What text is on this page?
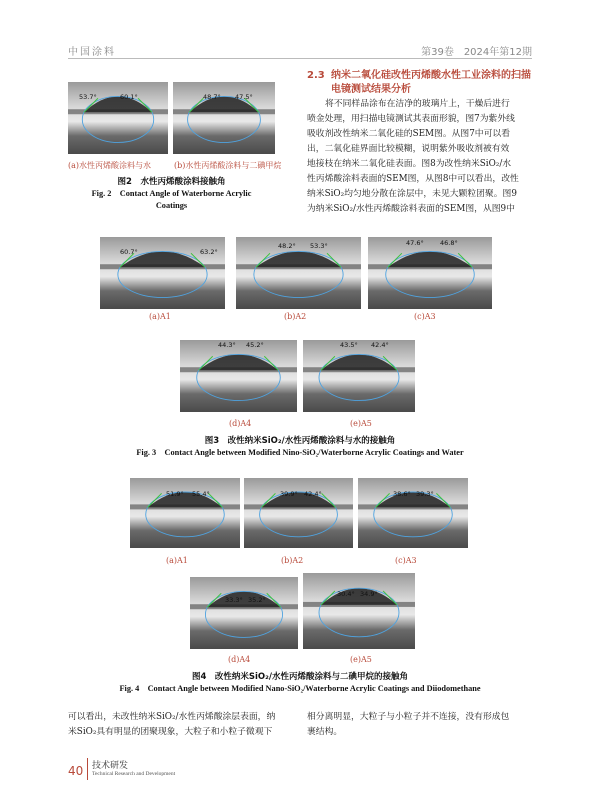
中国涂料	第39卷　2024年第12期
53.7°	60.1°	48.7° 47.5°
(a)水性丙烯酸涂料与水	(b)水性丙烯酸涂料与二碘甲烷
图2　水性丙烯酸涂料接触角
Fig. 2　Contact Angle of Waterborne Acrylic
Coatings
2.3 纳米二氧化硅改性丙烯酸水性工业涂料的扫描
电镜测试结果分析
将不同样品涂布在洁净的玻璃片上，干燥后进行
喷金处理，用扫描电镜测试其表面形貌，图7为紫外线
吸收剂改性纳米二氧化硅的SEM图。从图7中可以看
出，二氧化硅界面比较模糊，说明紫外吸收剂被有效
地接枝在纳米二氧化硅表面。图8为改性纳米SiO₂/水
性丙烯酸涂料表面的SEM图，从图8中可以看出，改性
纳米SiO₂均匀地分散在涂层中，未见大颗粒团聚。图9
为纳米SiO₂/水性丙烯酸涂料表面的SEM图，从图9中
60.7°	63.2°
48.2° 53.3°	47.6°	46.8°
(a)A1	(b)A2	(c)A3
44.3° 45.2°	43.5° 42.4°
(d)A4	(e)A5
图3　改性纳米SiO₂/水性丙烯酸涂料与水的接触角
Fig. 3　Contact Angle between Modified Nino-SiO₂/Waterborne Acrylic Coatings and Water
51.9° 55.4°	39.9° 42.4°	38.6° 39.3°
(a)A1	(b)A2	(c)A3
33.3° 35.2°
30.4° 34.9°
(d)A4	(e)A5
图4　改性纳米SiO₂/水性丙烯酸涂料与二碘甲烷的接触角
Fig. 4　Contact Angle between Modified Nano-SiO₂/Waterborne Acrylic Coatings and Diiodomethane
可以看出，未改性纳米SiO₂/水性丙烯酸涂层表面，纳
米SiO₂具有明显的团聚现象，大粒子和小粒子微观下
相分离明显，大粒子与小粒子并不连接，没有形成包
裹结构。
40 技术研发
Technical Research and Development
